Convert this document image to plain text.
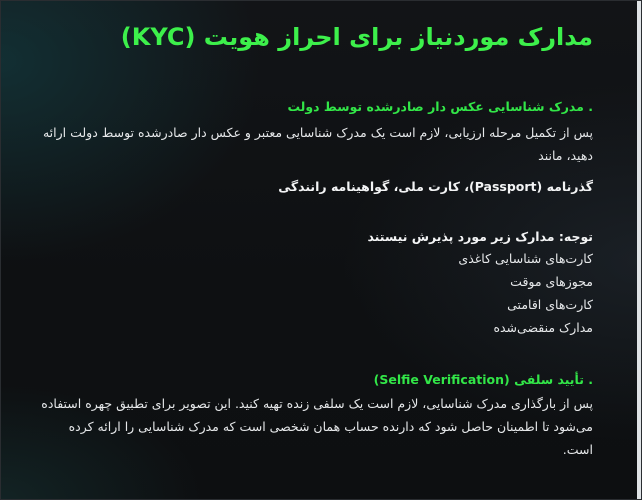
مدارک موردنیاز برای احراز هویت (KYC)
. مدرک شناسایی عکس دار صادرشده توسط دولت

پس از تکمیل مرحله ارزیابی، لازم است یک مدرک شناسایی معتبر و عکس دار صادرشده توسط دولت ارائه دهید، مانند

گذرنامه (Passport)، کارت ملی، گواهینامه رانندگی

توجه: مدارک زیر مورد پذیرش نیستند

کارت‌های شناسایی کاغذی
مجوزهای موقت
کارت‌های اقامتی
مدارک منقضی‌شده
. تأیید سلفی (Selfie Verification)

پس از بارگذاری مدرک شناسایی، لازم است یک سلفی زنده تهیه کنید. این تصویر برای تطبیق چهره استفاده می‌شود تا اطمینان حاصل شود که دارنده حساب همان شخصی است که مدرک شناسایی را ارائه کرده است.
